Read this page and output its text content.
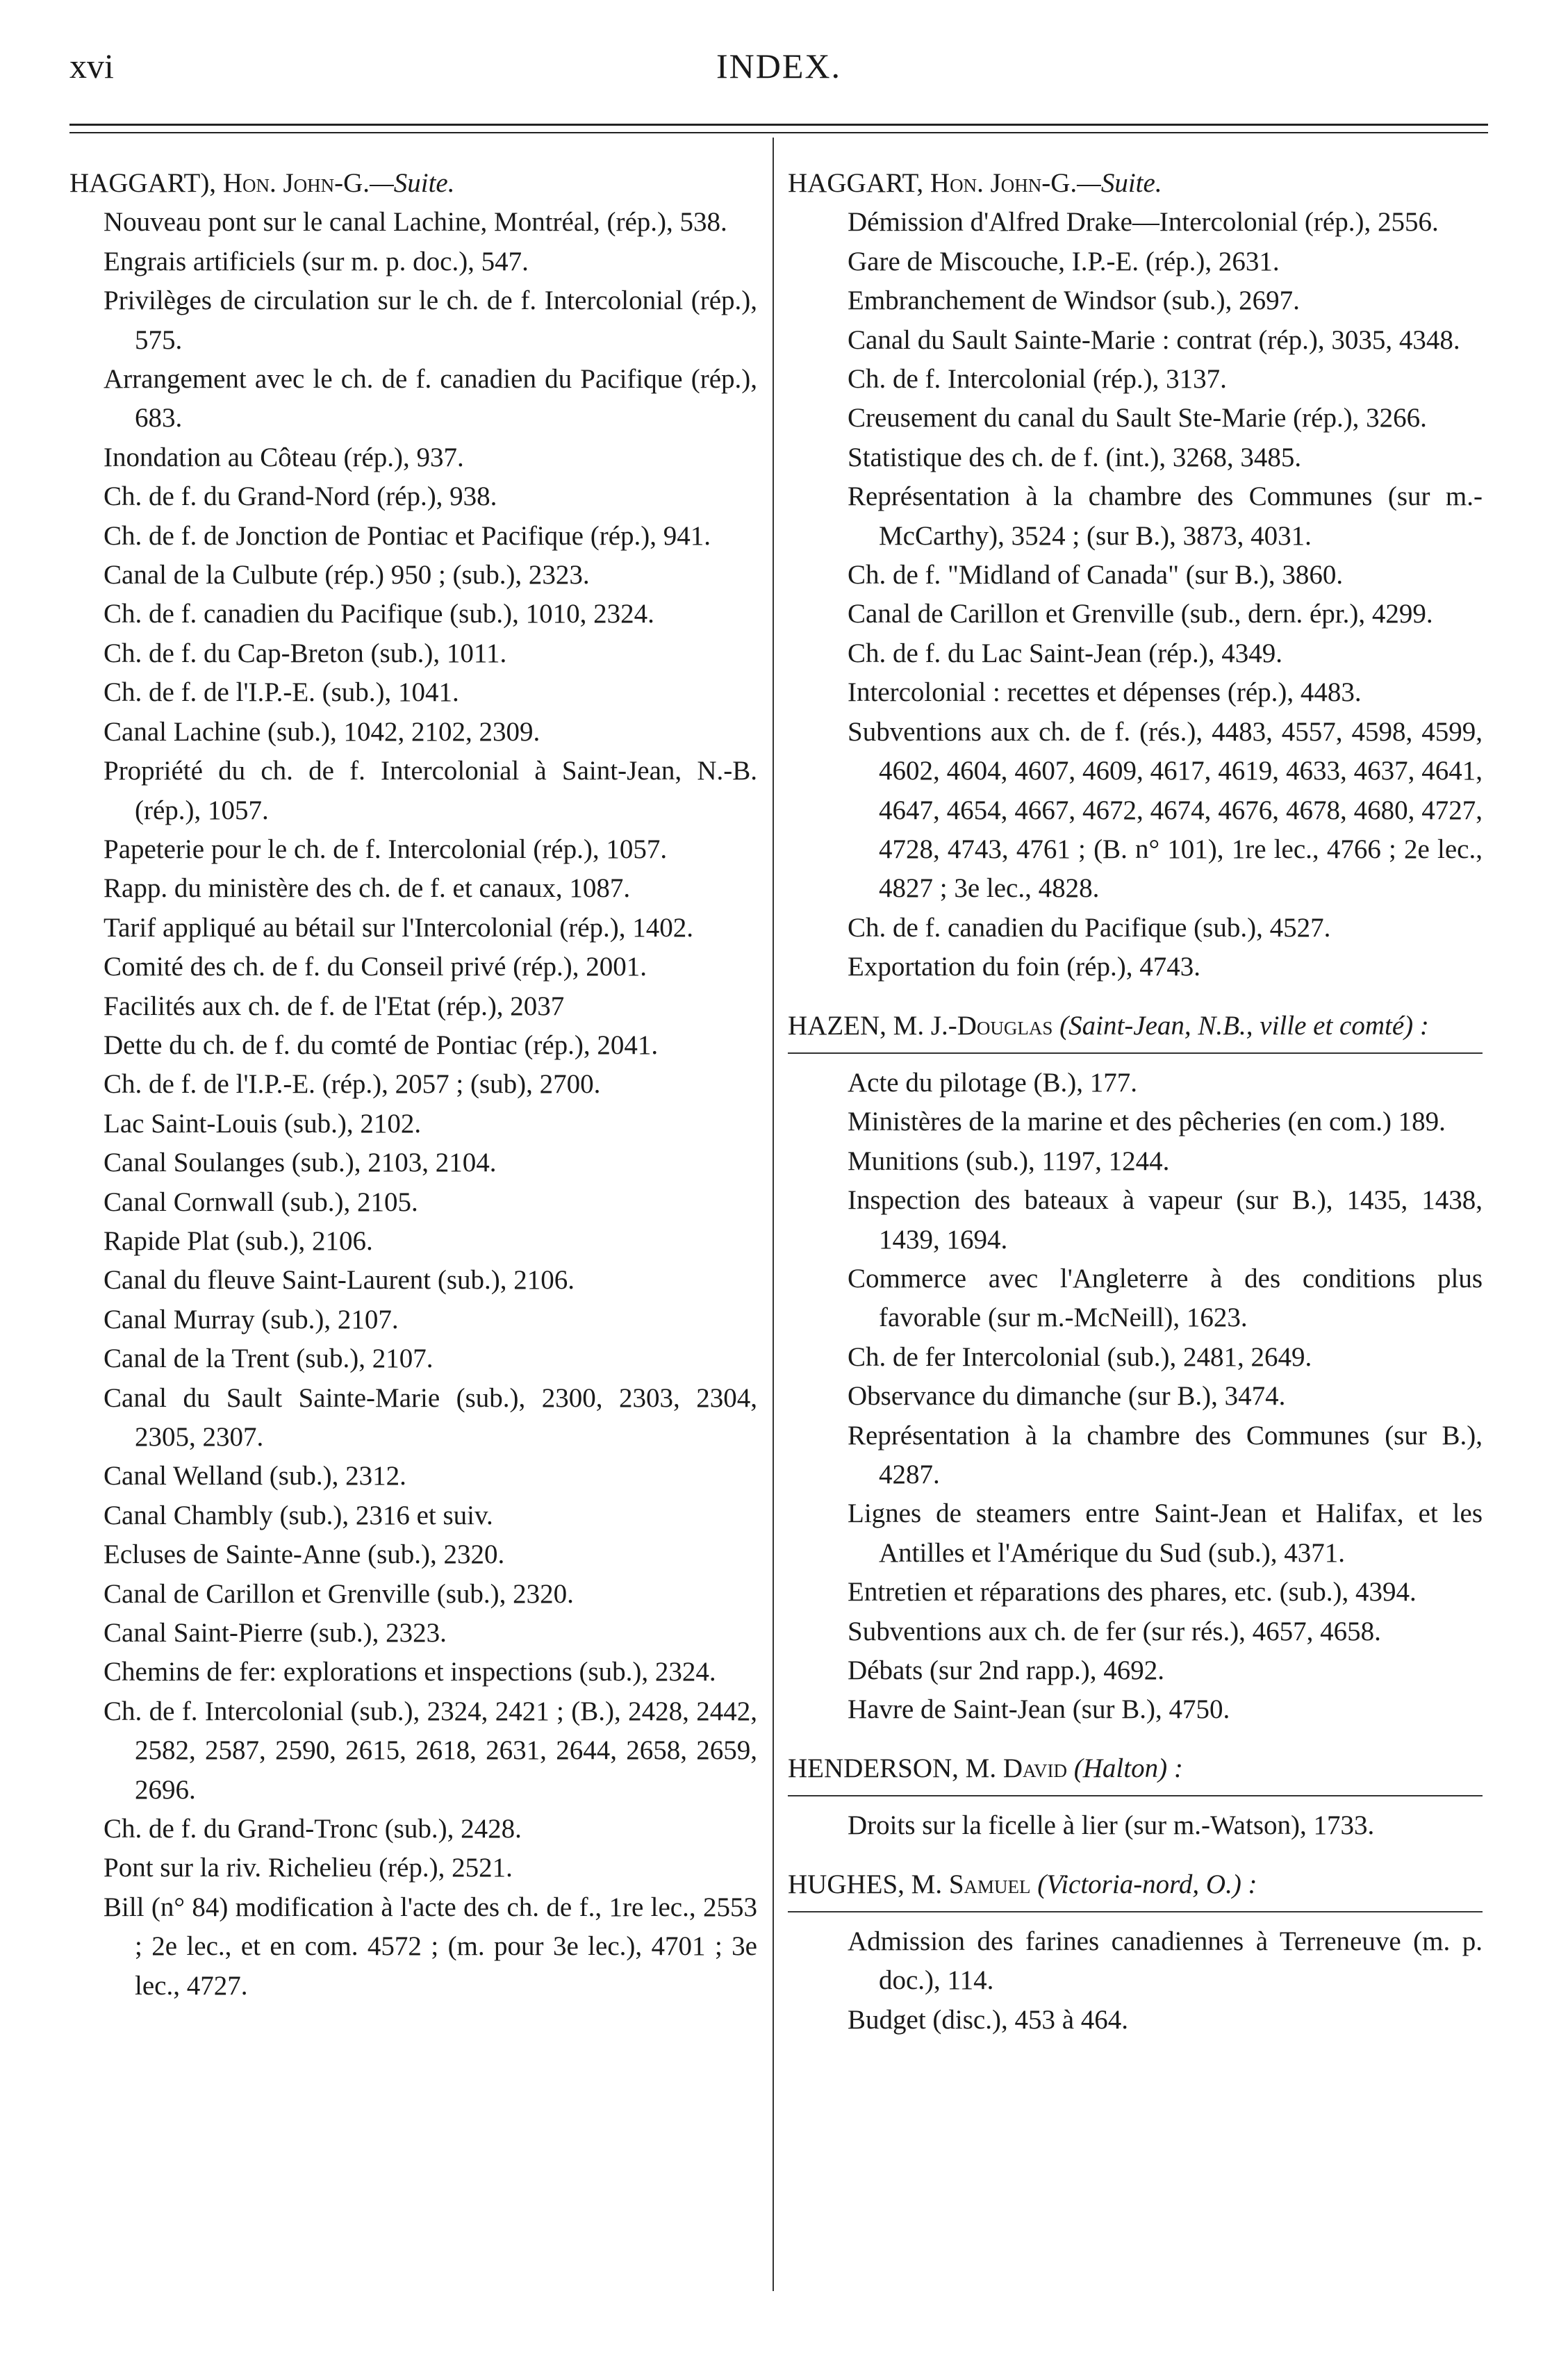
xvi	INDEX.

HAGGART), Hon. John-G.—Suite.

Nouveau pont sur le canal Lachine, Montréal, (rép.), 538.

Engrais artificiels (sur m. p. doc.), 547.

Privilèges de circulation sur le ch. de f. Intercolonial (rép.), 575.

Arrangement avec le ch. de f. canadien du Pacifique (rép.), 683.

Inondation au Côteau (rép.), 937.

Ch. de f. du Grand-Nord (rép.), 938.

Ch. de f. de Jonction de Pontiac et Pacifique (rép.), 941.

Canal de la Culbute (rép.) 950 ; (sub.), 2323.

Ch. de f. canadien du Pacifique (sub.), 1010, 2324.

Ch. de f. du Cap-Breton (sub.), 1011.

Ch. de f. de l'I.P.-E. (sub.), 1041.

Canal Lachine (sub.), 1042, 2102, 2309.

Propriété du ch. de f. Intercolonial à Saint-Jean, N.-B. (rép.), 1057.

Papeterie pour le ch. de f. Intercolonial (rép.), 1057.

Rapp. du ministère des ch. de f. et canaux, 1087.

Tarif appliqué au bétail sur l'Intercolonial (rép.), 1402.

Comité des ch. de f. du Conseil privé (rép.), 2001.

Facilités aux ch. de f. de l'Etat (rép.), 2037

Dette du ch. de f. du comté de Pontiac (rép.), 2041.

Ch. de f. de l'I.P.-E. (rép.), 2057 ; (sub), 2700.

Lac Saint-Louis (sub.), 2102.

Canal Soulanges (sub.), 2103, 2104.

Canal Cornwall (sub.), 2105.

Rapide Plat (sub.), 2106.

Canal du fleuve Saint-Laurent (sub.), 2106.

Canal Murray (sub.), 2107.

Canal de la Trent (sub.), 2107.

Canal du Sault Sainte-Marie (sub.), 2300, 2303, 2304, 2305, 2307.

Canal Welland (sub.), 2312.

Canal Chambly (sub.), 2316 et suiv.

Ecluses de Sainte-Anne (sub.), 2320.

Canal de Carillon et Grenville (sub.), 2320.

Canal Saint-Pierre (sub.), 2323.

Chemins de fer: explorations et inspections (sub.), 2324.

Ch. de f. Intercolonial (sub.), 2324, 2421 ; (B.), 2428, 2442, 2582, 2587, 2590, 2615, 2618, 2631, 2644, 2658, 2659, 2696.

Ch. de f. du Grand-Tronc (sub.), 2428.

Pont sur la riv. Richelieu (rép.), 2521.

Bill (n° 84) modification à l'acte des ch. de f., 1re lec., 2553 ; 2e lec., et en com. 4572 ; (m. pour 3e lec.), 4701 ; 3e lec., 4727.

HAGGART, Hon. John-G.—Suite.

Démission d'Alfred Drake—Intercolonial (rép.), 2556.

Gare de Miscouche, I.P.-E. (rép.), 2631.

Embranchement de Windsor (sub.), 2697.

Canal du Sault Sainte-Marie : contrat (rép.), 3035, 4348.

Ch. de f. Intercolonial (rép.), 3137.

Creusement du canal du Sault Ste-Marie (rép.), 3266.

Statistique des ch. de f. (int.), 3268, 3485.

Représentation à la chambre des Communes (sur m.-McCarthy), 3524 ; (sur B.), 3873, 4031.

Ch. de f. "Midland of Canada" (sur B.), 3860.

Canal de Carillon et Grenville (sub., dern. épr.), 4299.

Ch. de f. du Lac Saint-Jean (rép.), 4349.

Intercolonial : recettes et dépenses (rép.), 4483.

Subventions aux ch. de f. (rés.), 4483, 4557, 4598, 4599, 4602, 4604, 4607, 4609, 4617, 4619, 4633, 4637, 4641, 4647, 4654, 4667, 4672, 4674, 4676, 4678, 4680, 4727, 4728, 4743, 4761 ; (B. n° 101), 1re lec., 4766 ; 2e lec., 4827 ; 3e lec., 4828.

Ch. de f. canadien du Pacifique (sub.), 4527.

Exportation du foin (rép.), 4743.

HAZEN, M. J.-Douglas (Saint-Jean, N.B., ville et comté) :

Acte du pilotage (B.), 177.

Ministères de la marine et des pêcheries (en com.) 189.

Munitions (sub.), 1197, 1244.

Inspection des bateaux à vapeur (sur B.), 1435, 1438, 1439, 1694.

Commerce avec l'Angleterre à des conditions plus favorable (sur m.-McNeill), 1623.

Ch. de fer Intercolonial (sub.), 2481, 2649.

Observance du dimanche (sur B.), 3474.

Représentation à la chambre des Communes (sur B.), 4287.

Lignes de steamers entre Saint-Jean et Halifax, et les Antilles et l'Amérique du Sud (sub.), 4371.

Entretien et réparations des phares, etc. (sub.), 4394.

Subventions aux ch. de fer (sur rés.), 4657, 4658.

Débats (sur 2nd rapp.), 4692.

Havre de Saint-Jean (sur B.), 4750.

HENDERSON, M. David (Halton) :

Droits sur la ficelle à lier (sur m.-Watson), 1733.

HUGHES, M. Samuel (Victoria-nord, O.) :

Admission des farines canadiennes à Terreneuve (m. p. doc.), 114.

Budget (disc.), 453 à 464.
